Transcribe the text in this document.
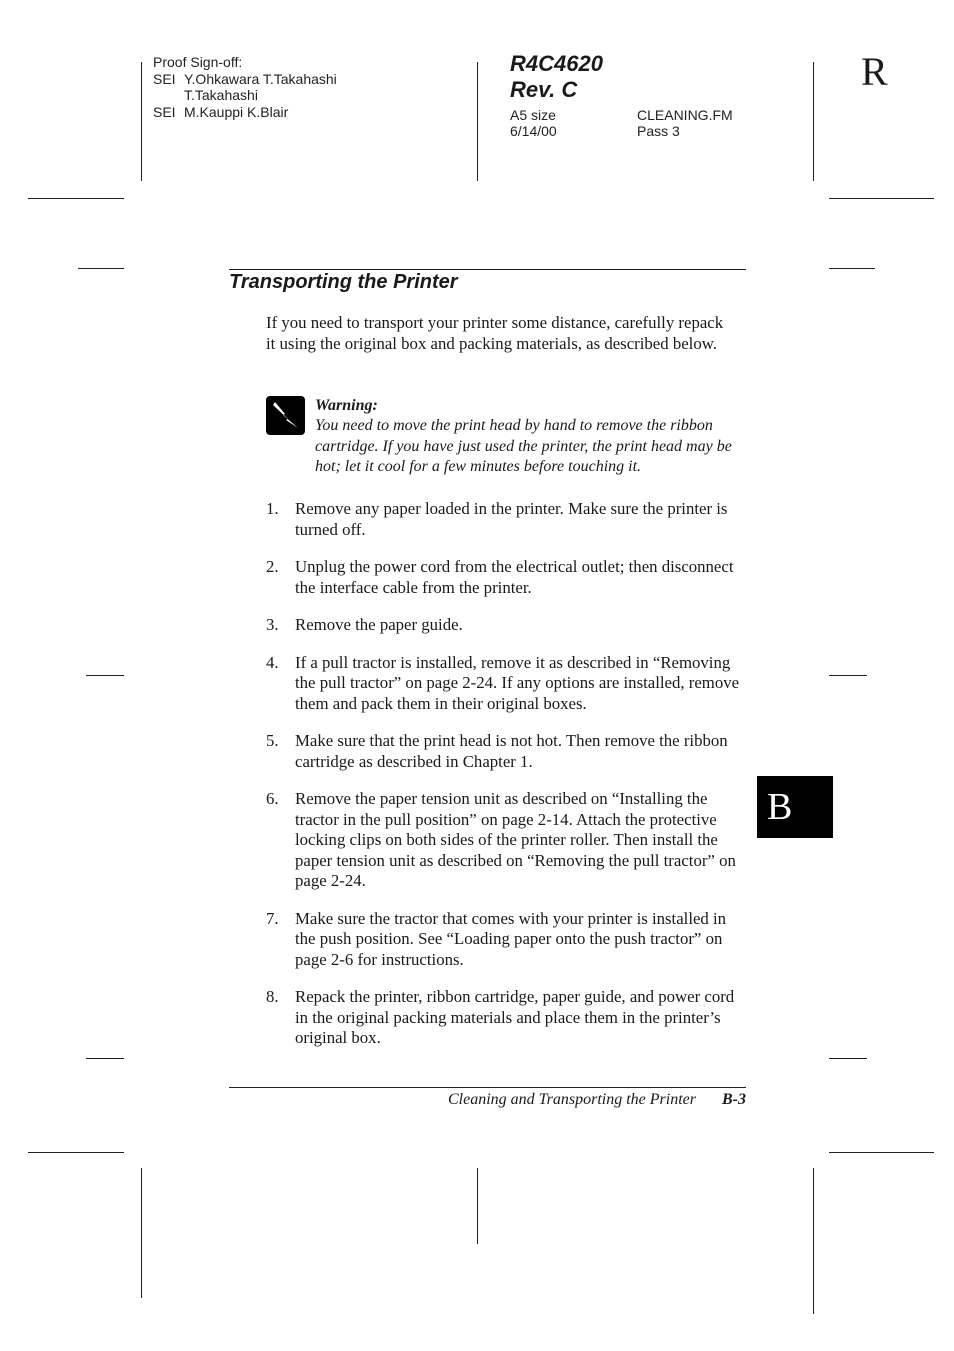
Proof Sign-off:
SEI Y.Ohkawara T.Takahashi
T.Takahashi
SEI M.Kauppi K.Blair
R4C4620
Rev. C
A5 size
6/14/00
CLEANING.FM
Pass 3
R
Transporting the Printer
If you need to transport your printer some distance, carefully repack it using the original box and packing materials, as described below.
Warning:
You need to move the print head by hand to remove the ribbon cartridge. If you have just used the printer, the print head may be hot; let it cool for a few minutes before touching it.
1. Remove any paper loaded in the printer. Make sure the printer is turned off.
2. Unplug the power cord from the electrical outlet; then disconnect the interface cable from the printer.
3. Remove the paper guide.
4. If a pull tractor is installed, remove it as described in “Removing the pull tractor” on page 2-24. If any options are installed, remove them and pack them in their original boxes.
5. Make sure that the print head is not hot. Then remove the ribbon cartridge as described in Chapter 1.
6. Remove the paper tension unit as described on “Installing the tractor in the pull position” on page 2-14. Attach the protective locking clips on both sides of the printer roller. Then install the paper tension unit as described on “Removing the pull tractor” on page 2-24.
7. Make sure the tractor that comes with your printer is installed in the push position. See “Loading paper onto the push tractor” on page 2-6 for instructions.
8. Repack the printer, ribbon cartridge, paper guide, and power cord in the original packing materials and place them in the printer’s original box.
B
Cleaning and Transporting the Printer B-3
